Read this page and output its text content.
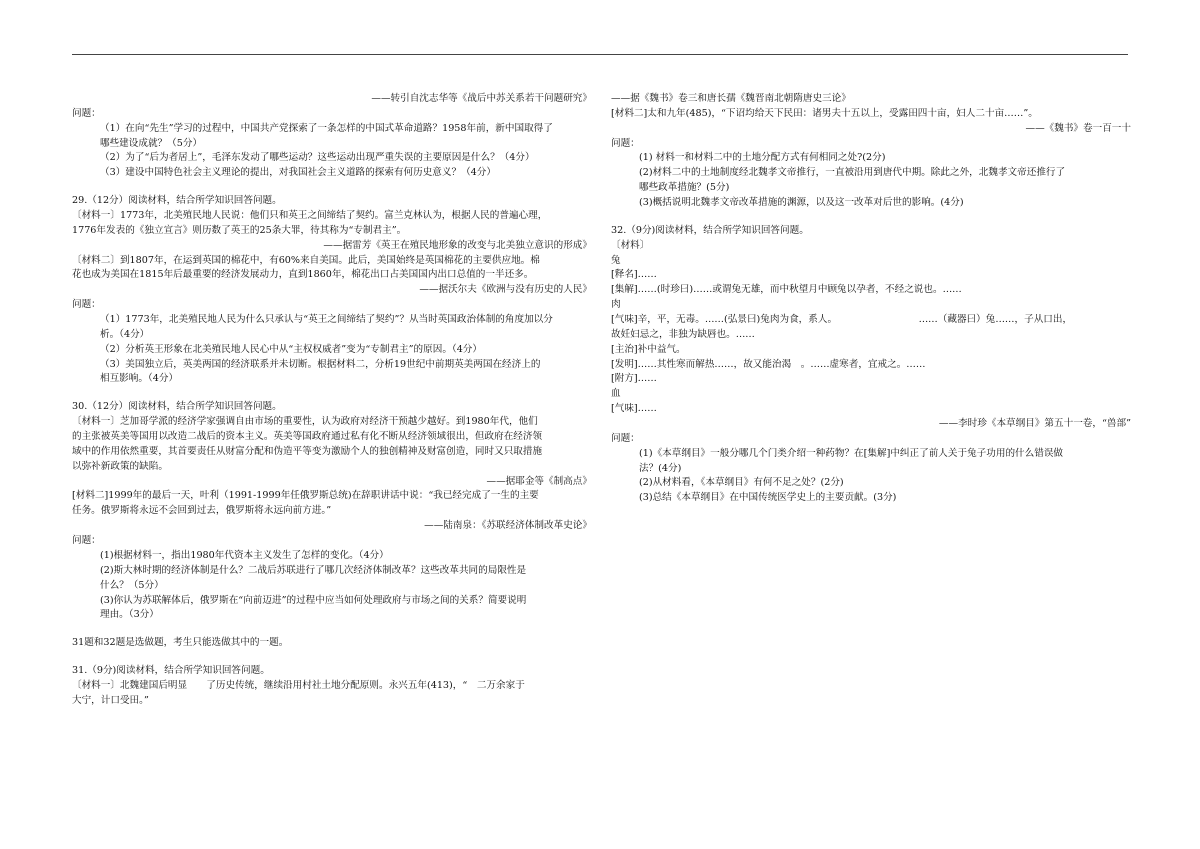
——转引自沈志华等《战后中苏关系若干问题研究》

问题：

（1）在向“先生”学习的过程中，中国共产党探索了一条怎样的中国式革命道路？1958年前，新中国取得了

哪些建设成就？（5分）

（2）为了“后为者居上”，毛泽东发动了哪些运动？这些运动出现严重失误的主要原因是什么？（4分）

（3）建设中国特色社会主义理论的提出，对我国社会主义道路的探索有何历史意义？（4分）

29.（12分）阅读材料，结合所学知识回答问题。

〔材料一〕1773年，北美殖民地人民说：他们只和英王之间缔结了契约。富兰克林认为，根据人民的普遍心理，

1776年发表的《独立宣言》则历数了英王的25条大罪，待其称为“专制君主”。

——据雷芳《英王在殖民地形象的改变与北美独立意识的形成》

〔材料二〕到1807年，在运到英国的棉花中，有60%来自美国。此后，美国始终是英国棉花的主要供应地。棉

花也成为美国在1815年后最重要的经济发展动力，直到1860年，棉花出口占美国国内出口总值的一半还多。

——据沃尔夫《欧洲与没有历史的人民》

问题：

（1）1773年，北美殖民地人民为什么只承认与“英王之间缔结了契约”？从当时英国政治体制的角度加以分

析。（4分）

（2）分析英王形象在北美殖民地人民心中从“主权权威者”变为“专制君主”的原因。（4分）

（3）美国独立后，英美两国的经济联系并未切断。根据材料二，分析19世纪中前期英美两国在经济上的

相互影响。（4分）

30.（12分）阅读材料，结合所学知识回答问题。

〔材料一〕芝加哥学派的经济学家强调自由市场的重要性，认为政府对经济干预越少越好。到1980年代，他们

的主张被英美等国用以改造二战后的资本主义。英美等国政府通过私有化不断从经济领域很出，但政府在经济领

域中的作用依然重要，其首要责任从财富分配和伪造平等变为激励个人的独创精神及财富创造，同时又只取措施

以弥补新政策的缺陷。

——据耶金等《制高点》

[材料二]1999年的最后一天，叶利（1991-1999年任俄罗斯总统)在辞职讲话中说：“我已经完成了一生的主要

任务。俄罗斯将永远不会回到过去，俄罗斯将永远向前方进。”

——陆南泉：《苏联经济体制改革史论》

问题：

(1)根据材料一，指出1980年代资本主义发生了怎样的变化。（4分）

(2)斯大林时期的经济体制是什么？二战后苏联进行了哪几次经济体制改革？这些改革共同的局限性是

什么？（5分）

(3)你认为苏联解体后，俄罗斯在“向前迈进”的过程中应当如何处理政府与市场之间的关系？简要说明

理由。（3分）

31题和32题是选做题，考生只能选做其中的一题。

31.（9分)阅读材料，结合所学知识回答问题。

〔材料一〕北魏建国后明显　　了历史传统，继续沿用村社土地分配原则。永兴五年(413)，“　二万余家于

大宁，计口受田。”

——据《魏书》卷三和唐长孺《魏晋南北朝隋唐史三论》

[材料二]太和九年(485)，“下诏均给天下民田：诸男夫十五以上，受露田四十亩，妇人二十亩……”。

——《魏书》卷一百一十

问题：

(1) 材料一和材料二中的土地分配方式有何相同之处?(2分)

(2)材料二中的土地制度经北魏孝文帝推行，一直被沿用到唐代中期。除此之外，北魏孝文帝还推行了

哪些政革措施？(5分)

(3)概括说明北魏孝文帝改革措施的渊源，以及这一改革对后世的影响。(4分)

32.（9分)阅读材料，结合所学知识回答问题。

〔材料〕

兔

[释名]……

[集解]……(时珍曰)……或谓兔无雄，而中秋望月中顾兔以孕者，不经之说也。……

肉

[气味]辛，平，无毒。……(弘景曰)兔肉为食，系人。　　　　　　　　　……（藏器曰）兔……，子从口出，

故妊妇忌之，非独为缺唇也。……

[主治]补中益气。

[发明]……其性寒而解热……，故又能治渴　。……虚寒者，宜戒之。……

[附方]……

血

[气味]……

——李时珍《本草纲目》第五十一卷，“兽部”

问题：

(1)《本草纲目》一般分哪几个门类介绍一种药物？在[集解]中纠正了前人关于兔子功用的什么错误做

法？(4分)

(2)从材料看，《本草纲目》有何不足之处？(2分)

(3)总结《本草纲目》在中国传统医学史上的主要贡献。(3分)
